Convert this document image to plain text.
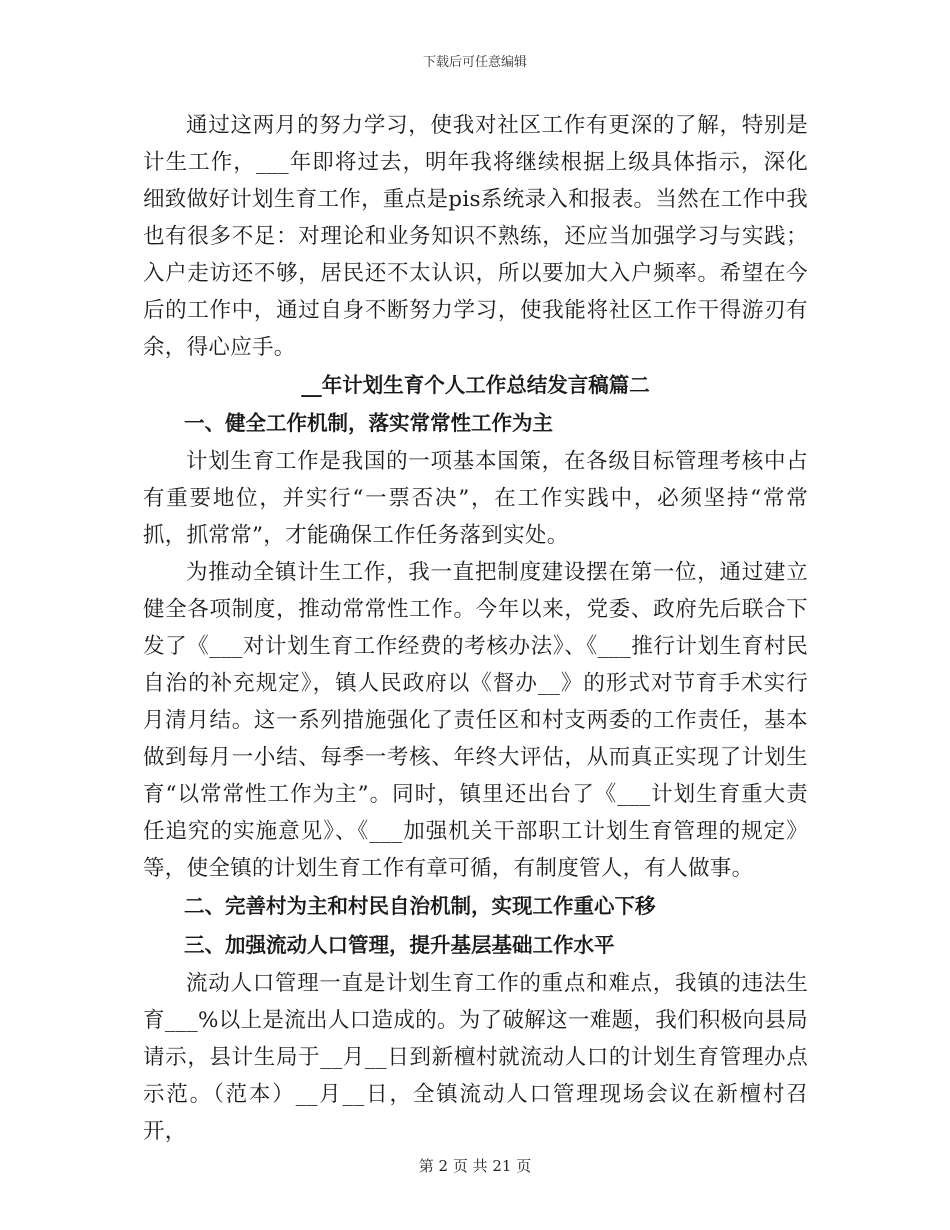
下载后可任意编辑

通过这两月的努力学习，使我对社区工作有更深的了解，特别是计生工作，___年即将过去，明年我将继续根据上级具体指示，深化细致做好计划生育工作，重点是pis系统录入和报表。当然在工作中我也有很多不足：对理论和业务知识不熟练，还应当加强学习与实践；入户走访还不够，居民还不太认识，所以要加大入户频率。希望在今后的工作中，通过自身不断努力学习，使我能将社区工作干得游刃有余，得心应手。

__年计划生育个人工作总结发言稿篇二

一、健全工作机制，落实常常性工作为主

计划生育工作是我国的一项基本国策，在各级目标管理考核中占有重要地位，并实行“一票否决”，在工作实践中，必须坚持“常常抓，抓常常”，才能确保工作任务落到实处。

为推动全镇计生工作，我一直把制度建设摆在第一位，通过建立健全各项制度，推动常常性工作。今年以来，党委、政府先后联合下发了《___对计划生育工作经费的考核办法》、《___推行计划生育村民自治的补充规定》，镇人民政府以《督办__》的形式对节育手术实行月清月结。这一系列措施强化了责任区和村支两委的工作责任，基本做到每月一小结、每季一考核、年终大评估，从而真正实现了计划生育“以常常性工作为主”。同时，镇里还出台了《___计划生育重大责任追究的实施意见》、《___加强机关干部职工计划生育管理的规定》等，使全镇的计划生育工作有章可循，有制度管人，有人做事。

二、完善村为主和村民自治机制，实现工作重心下移

三、加强流动人口管理，提升基层基础工作水平

流动人口管理一直是计划生育工作的重点和难点，我镇的违法生育___%以上是流出人口造成的。为了破解这一难题，我们积极向县局请示，县计生局于__月__日到新檀村就流动人口的计划生育管理办点示范。（范本）__月__日，全镇流动人口管理现场会议在新檀村召开，

第 2 页 共 21 页
